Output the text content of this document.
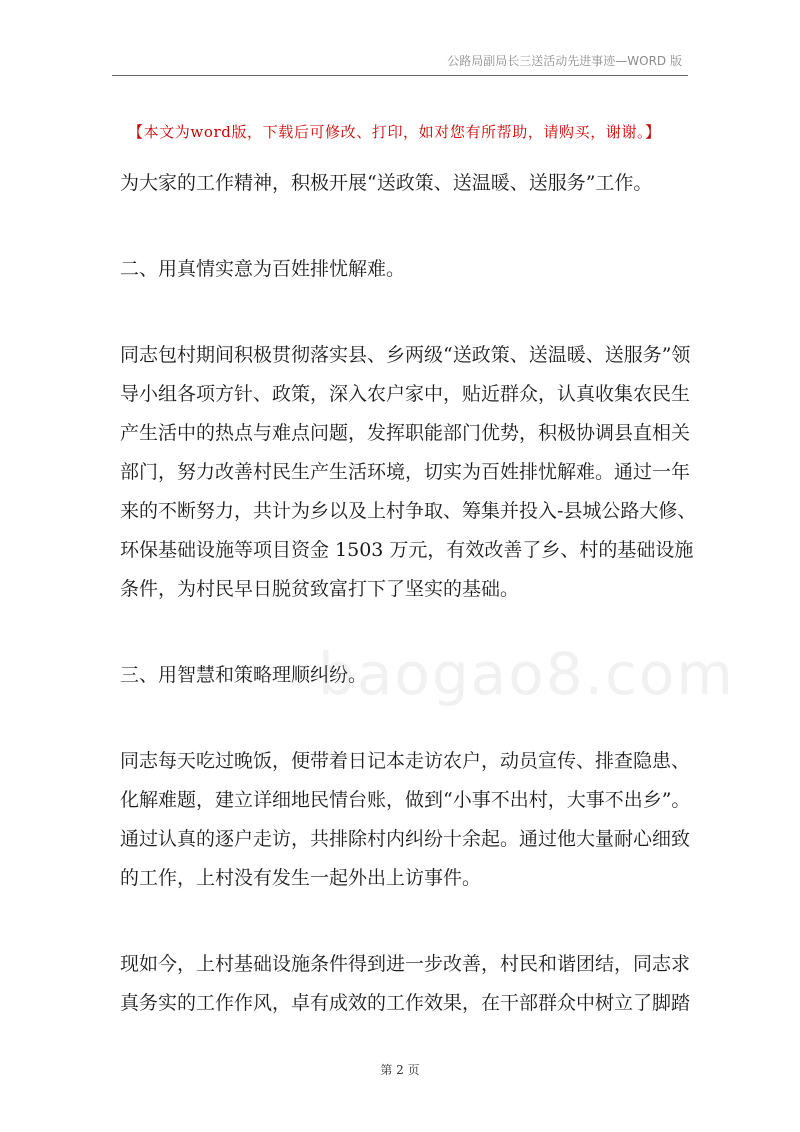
公路局副局长三送活动先进事迹—WORD 版
【本文为word版，下载后可修改、打印，如对您有所帮助，请购买，谢谢。】
baogao8.com

为大家的工作精神，积极开展“送政策、送温暖、送服务”工作。

二、用真情实意为百姓排忧解难。

同志包村期间积极贯彻落实县、乡两级“送政策、送温暖、送服务”领
导小组各项方针、政策，深入农户家中，贴近群众，认真收集农民生
产生活中的热点与难点问题，发挥职能部门优势，积极协调县直相关
部门，努力改善村民生产生活环境，切实为百姓排忧解难。通过一年
来的不断努力，共计为乡以及上村争取、筹集并投入-县城公路大修、
环保基础设施等项目资金 1503 万元，有效改善了乡、村的基础设施
条件，为村民早日脱贫致富打下了坚实的基础。

三、用智慧和策略理顺纠纷。

同志每天吃过晚饭，便带着日记本走访农户，动员宣传、排查隐患、
化解难题，建立详细地民情台账，做到“小事不出村，大事不出乡”。
通过认真的逐户走访，共排除村内纠纷十余起。通过他大量耐心细致
的工作，上村没有发生一起外出上访事件。

现如今，上村基础设施条件得到进一步改善，村民和谐团结，同志求
真务实的工作作风，卓有成效的工作效果，在干部群众中树立了脚踏

第 2 页
